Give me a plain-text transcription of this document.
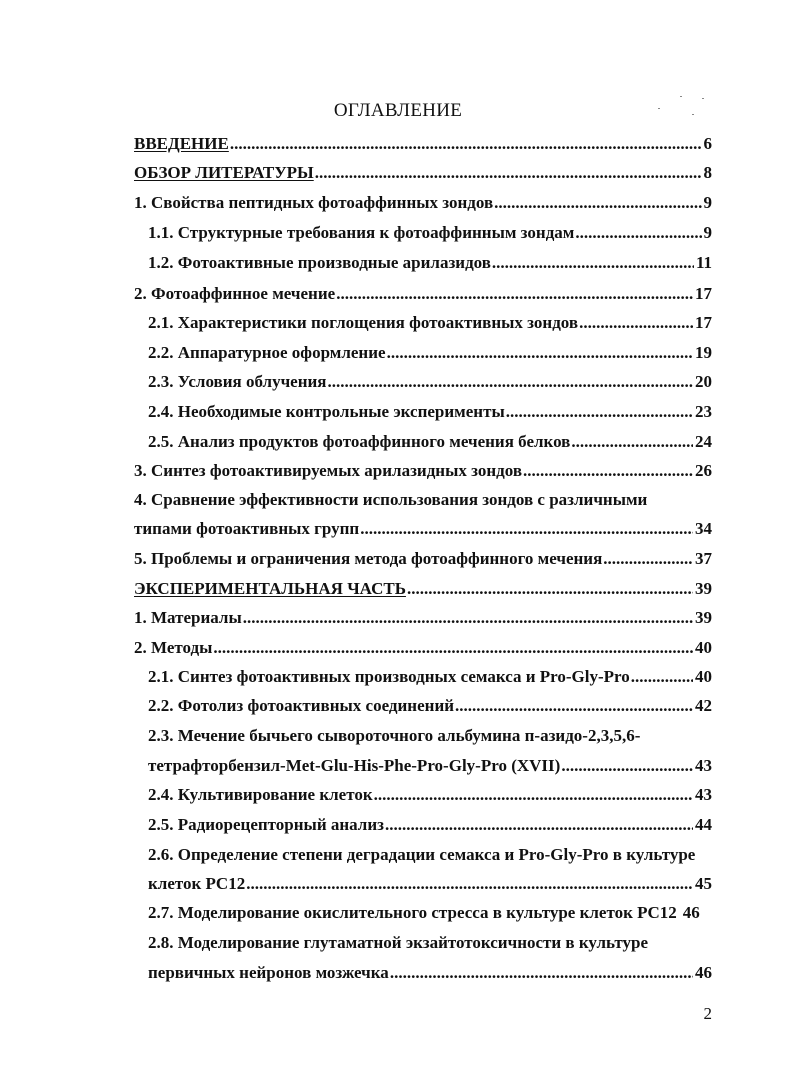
ОГЛАВЛЕНИЕ
ВВЕДЕНИЕ .....	6
ОБЗОР ЛИТЕРАТУРЫ .....	8
1. Свойства пептидных фотоаффинных зондов .....	9
1.1. Структурные требования к фотоаффинным зондам .....	9
1.2. Фотоактивные производные арилазидов .....	11
2. Фотоаффинное мечение .....	17
2.1. Характеристики поглощения фотоактивных зондов .....	17
2.2. Аппаратурное оформление .....	19
2.3. Условия облучения .....	20
2.4. Необходимые контрольные эксперименты .....	23
2.5. Анализ продуктов фотоаффинного мечения белков .....	24
3. Синтез фотоактивируемых арилазидных зондов .....	26
4. Сравнение эффективности использования зондов с различными
типами фотоактивных групп .....	34
5. Проблемы и ограничения метода фотоаффинного мечения .....	37
ЭКСПЕРИМЕНТАЛЬНАЯ ЧАСТЬ .....	39
1. Материалы .....	39
2. Методы .....	40
2.1. Синтез фотоактивных производных семакса и Pro-Gly-Pro .....	40
2.2. Фотолиз фотоактивных соединений .....	42
2.3. Мечение бычьего сывороточного альбумина п-азидо-2,3,5,6-
тетрафторбензил-Met-Glu-His-Phe-Pro-Gly-Pro (XVII) .....	43
2.4. Культивирование клеток .....	43
2.5. Радиорецепторный анализ .....	44
2.6. Определение степени деградации семакса и Pro-Gly-Pro в культуре
клеток PC12 .....	45
2.7. Моделирование окислительного стресса в культуре клеток PC12 46
2.8. Моделирование глутаматной экзайтотоксичности в культуре
первичных нейронов мозжечка .....	46
2
